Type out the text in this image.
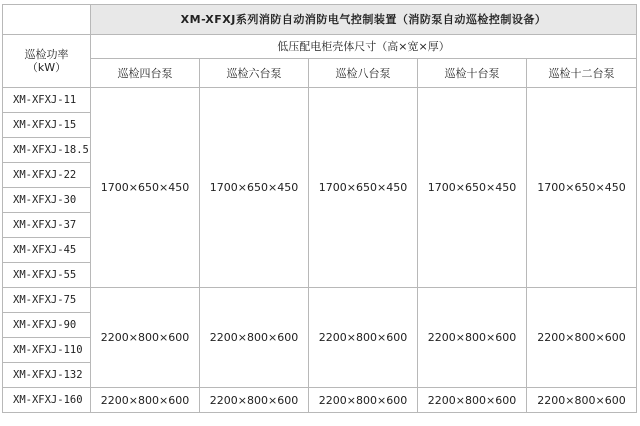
	XM-XFXJ系列消防自动消防电气控制装置（消防泵自动巡检控制设备）				

巡检功率
（kW）	低压配电柜壳体尺寸（高×宽×厚）				
	巡检四台泵	巡检六台泵	巡检八台泵	巡检十台泵	巡检十二台泵
XM-XFXJ-11	1700×650×450	1700×650×450	1700×650×450	1700×650×450	1700×650×450
XM-XFXJ-15					
XM-XFXJ-18.5					
XM-XFXJ-22					
XM-XFXJ-30					
XM-XFXJ-37					
XM-XFXJ-45					
XM-XFXJ-55					
XM-XFXJ-75	2200×800×600	2200×800×600	2200×800×600	2200×800×600	2200×800×600
XM-XFXJ-90					
XM-XFXJ-110					
XM-XFXJ-132					
XM-XFXJ-160	2200×800×600	2200×800×600	2200×800×600	2200×800×600	2200×800×600
